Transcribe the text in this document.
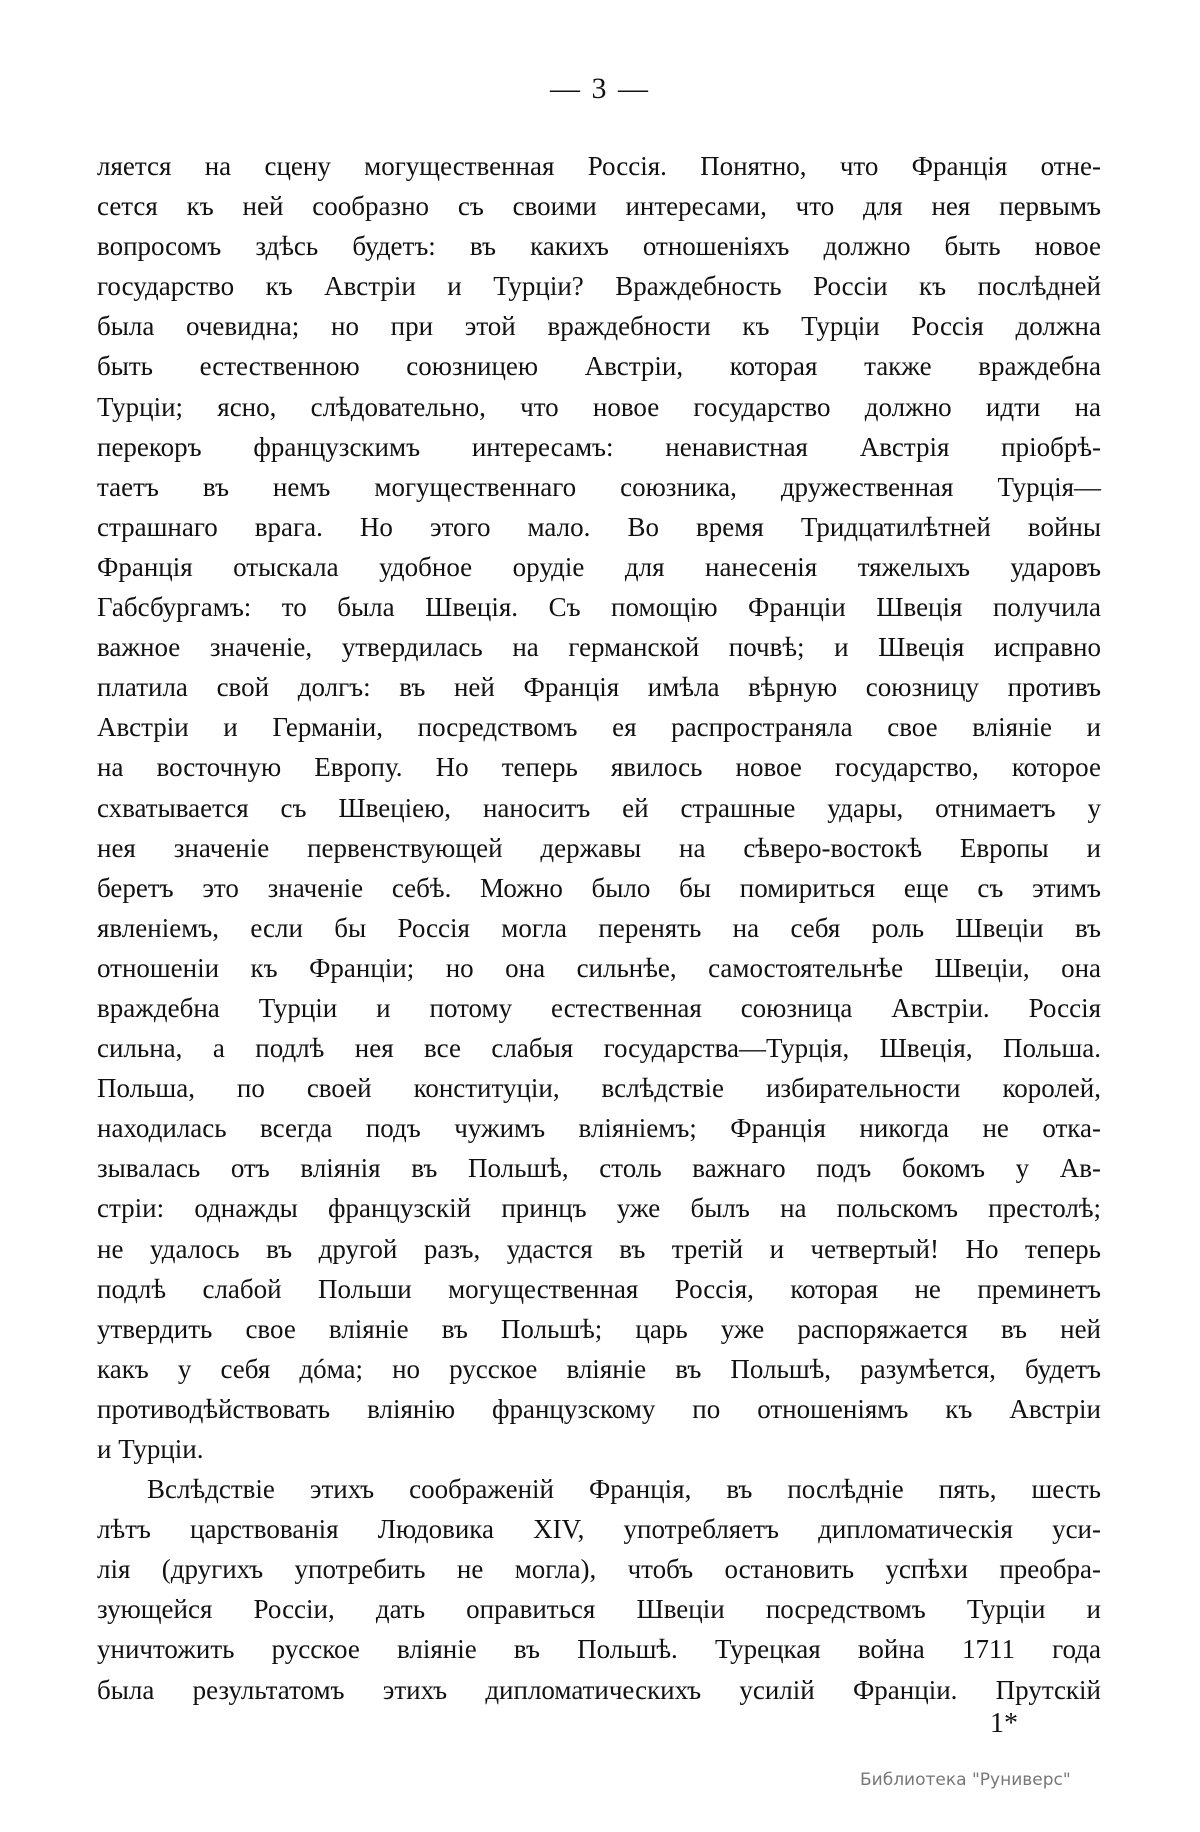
— 3 —
ляется на сцену могущественная Россія. Понятно, что Франція отне-
сется къ ней сообразно съ своими интересами, что для нея первымъ
вопросомъ здѣсь будетъ: въ какихъ отношеніяхъ должно быть новое
государство къ Австріи и Турціи? Враждебность Россіи къ послѣдней
была очевидна; но при этой враждебности къ Турціи Россія должна
быть естественною союзницею Австріи, которая также враждебна
Турціи; ясно, слѣдовательно, что новое государство должно идти на
перекоръ французскимъ интересамъ: ненавистная Австрія пріобрѣ-
таетъ въ немъ могущественнаго союзника, дружественная Турція—
страшнаго врага. Но этого мало. Во время Тридцатилѣтней войны
Франція отыскала удобное орудіе для нанесенія тяжелыхъ ударовъ
Габсбургамъ: то была Швеція. Съ помощію Франціи Швеція получила
важное значеніе, утвердилась на германской почвѣ; и Швеція исправно
платила свой долгъ: въ ней Франція имѣла вѣрную союзницу противъ
Австріи и Германіи, посредствомъ ея распространяла свое вліяніе и
на восточную Европу. Но теперь явилось новое государство, которое
схватывается съ Швеціею, наноситъ ей страшные удары, отнимаетъ у
нея значеніе первенствующей державы на сѣверо-востокѣ Европы и
беретъ это значеніе себѣ. Можно было бы помириться еще съ этимъ
явленіемъ, если бы Россія могла перенять на себя роль Швеціи въ
отношеніи къ Франціи; но она сильнѣе, самостоятельнѣе Швеціи, она
враждебна Турціи и потому естественная союзница Австріи. Россія
сильна, а подлѣ нея все слабыя государства—Турція, Швеція, Польша.
Польша, по своей конституціи, вслѣдствіе избирательности королей,
находилась всегда подъ чужимъ вліяніемъ; Франція никогда не отка-
зывалась отъ вліянія въ Польшѣ, столь важнаго подъ бокомъ у Ав-
стріи: однажды французскій принцъ уже былъ на польскомъ престолѣ;
не удалось въ другой разъ, удастся въ третій и четвертый! Но теперь
подлѣ слабой Польши могущественная Россія, которая не преминетъ
утвердить свое вліяніе въ Польшѣ; царь уже распоряжается въ ней
какъ у себя дóма; но русское вліяніе въ Польшѣ, разумѣется, будетъ
противодѣйствовать вліянію французскому по отношеніямъ къ Австріи
и Турціи.
Вслѣдствіе этихъ соображеній Франція, въ послѣдніе пять, шесть
лѣтъ царствованія Людовика XIV, употребляетъ дипломатическія уси-
лія (другихъ употребить не могла), чтобъ остановить успѣхи преобра-
зующейся Россіи, дать оправиться Швеціи посредствомъ Турціи и
уничтожить русское вліяніе въ Польшѣ. Турецкая война 1711 года
была результатомъ этихъ дипломатическихъ усилій Франціи. Прутскій
1*
Библиотека "Руниверс"
